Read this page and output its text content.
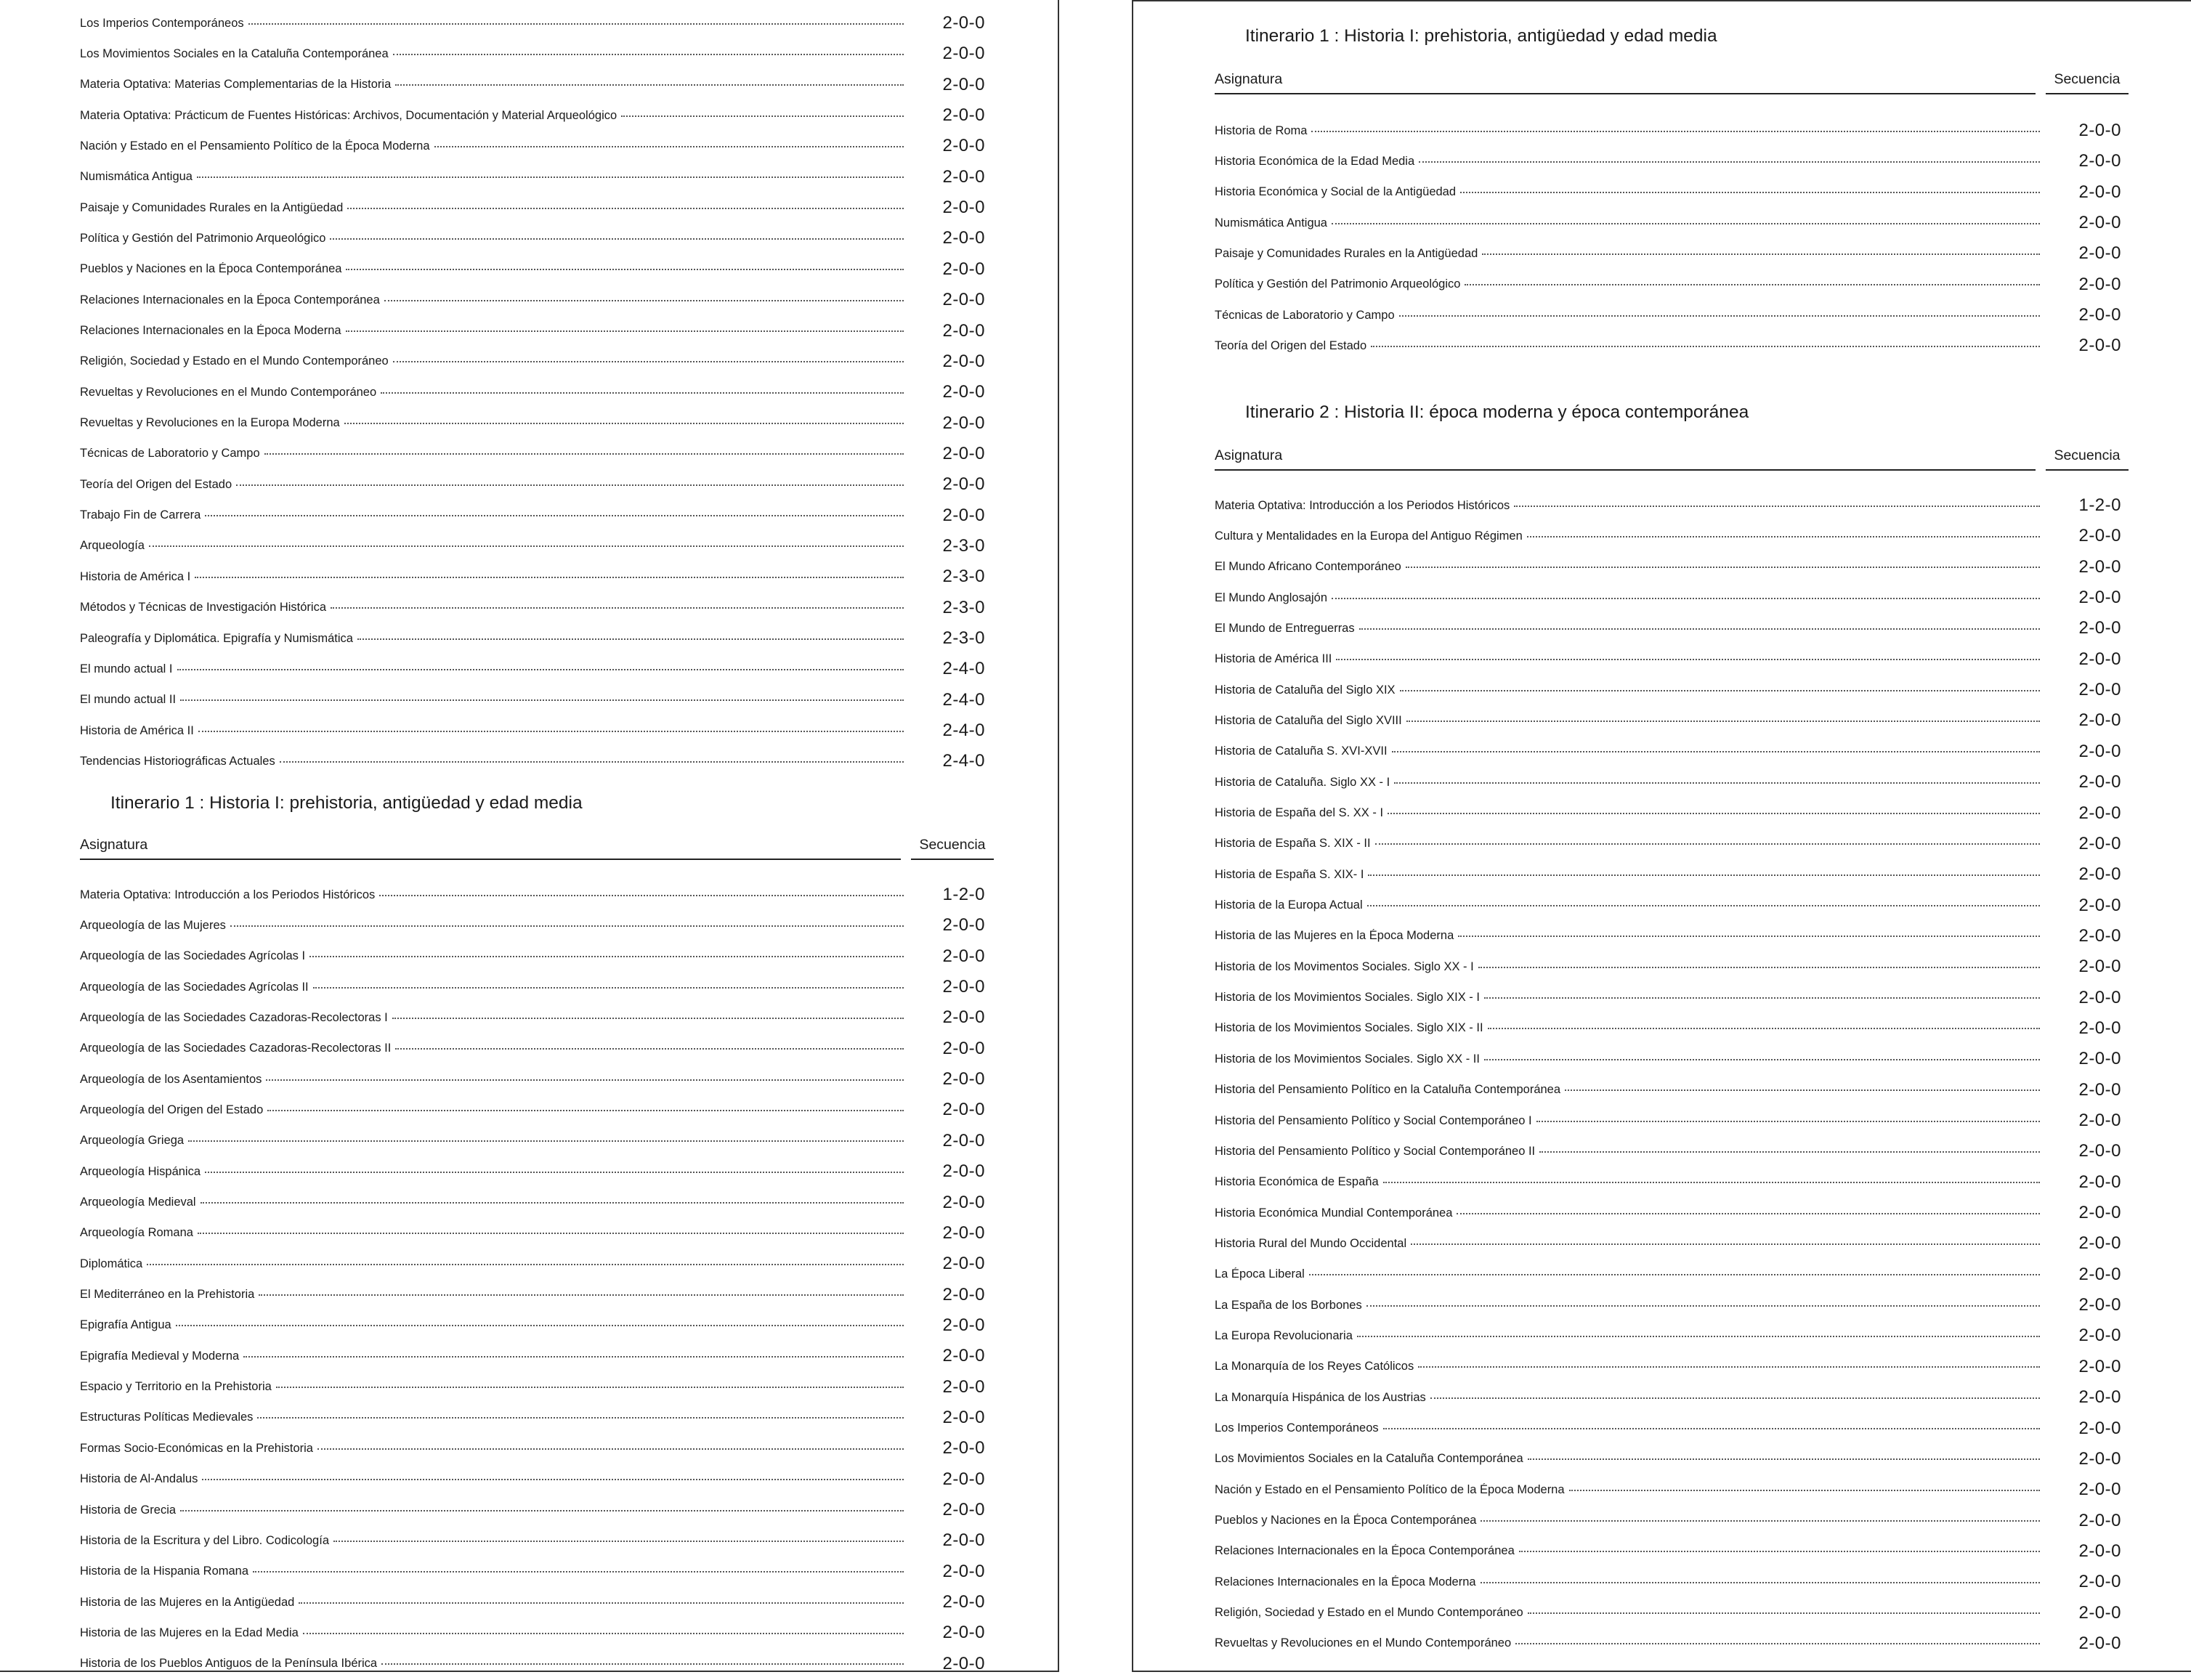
Los Imperios Contemporáneos	2-0-0
Los Movimientos Sociales en la Cataluña Contemporánea	2-0-0
Materia Optativa: Materias Complementarias de la Historia	2-0-0
Materia Optativa: Prácticum de Fuentes Históricas: Archivos, Documentación y Material Arqueológico	2-0-0
Nación y Estado en el Pensamiento Político de la Época Moderna	2-0-0
Numismática Antigua	2-0-0
Paisaje y Comunidades Rurales en la Antigüedad	2-0-0
Política y Gestión del Patrimonio Arqueológico	2-0-0
Pueblos y Naciones en la Época Contemporánea	2-0-0
Relaciones Internacionales en la Época Contemporánea	2-0-0
Relaciones Internacionales en la Época Moderna	2-0-0
Religión, Sociedad y Estado en el Mundo Contemporáneo	2-0-0
Revueltas y Revoluciones en el Mundo Contemporáneo	2-0-0
Revueltas y Revoluciones en la Europa Moderna	2-0-0
Técnicas de Laboratorio y Campo	2-0-0
Teoría del Origen del Estado	2-0-0
Trabajo Fin de Carrera	2-0-0
Arqueología	2-3-0
Historia de América I	2-3-0
Métodos y Técnicas de Investigación Histórica	2-3-0
Paleografía y Diplomática. Epigrafía y Numismática	2-3-0
El mundo actual I	2-4-0
El mundo actual II	2-4-0
Historia de América II	2-4-0
Tendencias Historiográficas Actuales	2-4-0
Itinerario 1 : Historia I: prehistoria, antigüedad y edad media
Asignatura	Secuencia
Materia Optativa: Introducción a los Periodos Históricos	1-2-0
Arqueología de las Mujeres	2-0-0
Arqueología de las Sociedades Agrícolas I	2-0-0
Arqueología de las Sociedades Agrícolas II	2-0-0
Arqueología de las Sociedades Cazadoras-Recolectoras I	2-0-0
Arqueología de las Sociedades Cazadoras-Recolectoras II	2-0-0
Arqueología de los Asentamientos	2-0-0
Arqueología del Origen del Estado	2-0-0
Arqueología Griega	2-0-0
Arqueología Hispánica	2-0-0
Arqueología Medieval	2-0-0
Arqueología Romana	2-0-0
Diplomática	2-0-0
El Mediterráneo en la Prehistoria	2-0-0
Epigrafía Antigua	2-0-0
Epigrafía Medieval y Moderna	2-0-0
Espacio y Territorio en la Prehistoria	2-0-0
Estructuras Políticas Medievales	2-0-0
Formas Socio-Económicas en la Prehistoria	2-0-0
Historia de Al-Andalus	2-0-0
Historia de Grecia	2-0-0
Historia de la Escritura y del Libro. Codicología	2-0-0
Historia de la Hispania Romana	2-0-0
Historia de las Mujeres en la Antigüedad	2-0-0
Historia de las Mujeres en la Edad Media	2-0-0
Historia de los Pueblos Antiguos de la Península Ibérica	2-0-0
Itinerario 1 : Historia I: prehistoria, antigüedad y edad media
Asignatura	Secuencia
Historia de Roma	2-0-0
Historia Económica de la Edad Media	2-0-0
Historia Económica y Social de la Antigüedad	2-0-0
Numismática Antigua	2-0-0
Paisaje y Comunidades Rurales en la Antigüedad	2-0-0
Política y Gestión del Patrimonio Arqueológico	2-0-0
Técnicas de Laboratorio y Campo	2-0-0
Teoría del Origen del Estado	2-0-0
Itinerario 2 : Historia II: época moderna y época contemporánea
Asignatura	Secuencia
Materia Optativa: Introducción a los Periodos Históricos	1-2-0
Cultura y Mentalidades en la Europa del Antiguo Régimen	2-0-0
El Mundo Africano Contemporáneo	2-0-0
El Mundo Anglosajón	2-0-0
El Mundo de Entreguerras	2-0-0
Historia de América III	2-0-0
Historia de Cataluña del Siglo XIX	2-0-0
Historia de Cataluña del Siglo XVIII	2-0-0
Historia de Cataluña S. XVI-XVII	2-0-0
Historia de Cataluña. Siglo XX - I	2-0-0
Historia de España del S. XX - I	2-0-0
Historia de España S. XIX - II	2-0-0
Historia de España S. XIX- I	2-0-0
Historia de la Europa Actual	2-0-0
Historia de las Mujeres en la Época Moderna	2-0-0
Historia de los Movimentos Sociales. Siglo XX - I	2-0-0
Historia de los Movimientos Sociales. Siglo XIX - I	2-0-0
Historia de los Movimientos Sociales. Siglo XIX - II	2-0-0
Historia de los Movimientos Sociales. Siglo XX - II	2-0-0
Historia del Pensamiento Político en la Cataluña Contemporánea	2-0-0
Historia del Pensamiento Político y Social Contemporáneo I	2-0-0
Historia del Pensamiento Político y Social Contemporáneo II	2-0-0
Historia Económica de España	2-0-0
Historia Económica Mundial Contemporánea	2-0-0
Historia Rural del Mundo Occidental	2-0-0
La Época Liberal	2-0-0
La España de los Borbones	2-0-0
La Europa Revolucionaria	2-0-0
La Monarquía de los Reyes Católicos	2-0-0
La Monarquía Hispánica de los Austrias	2-0-0
Los Imperios Contemporáneos	2-0-0
Los Movimientos Sociales en la Cataluña Contemporánea	2-0-0
Nación y Estado en el Pensamiento Político de la Época Moderna	2-0-0
Pueblos y Naciones en la Época Contemporánea	2-0-0
Relaciones Internacionales en la Época Contemporánea	2-0-0
Relaciones Internacionales en la Época Moderna	2-0-0
Religión, Sociedad y Estado en el Mundo Contemporáneo	2-0-0
Revueltas y Revoluciones en el Mundo Contemporáneo	2-0-0
